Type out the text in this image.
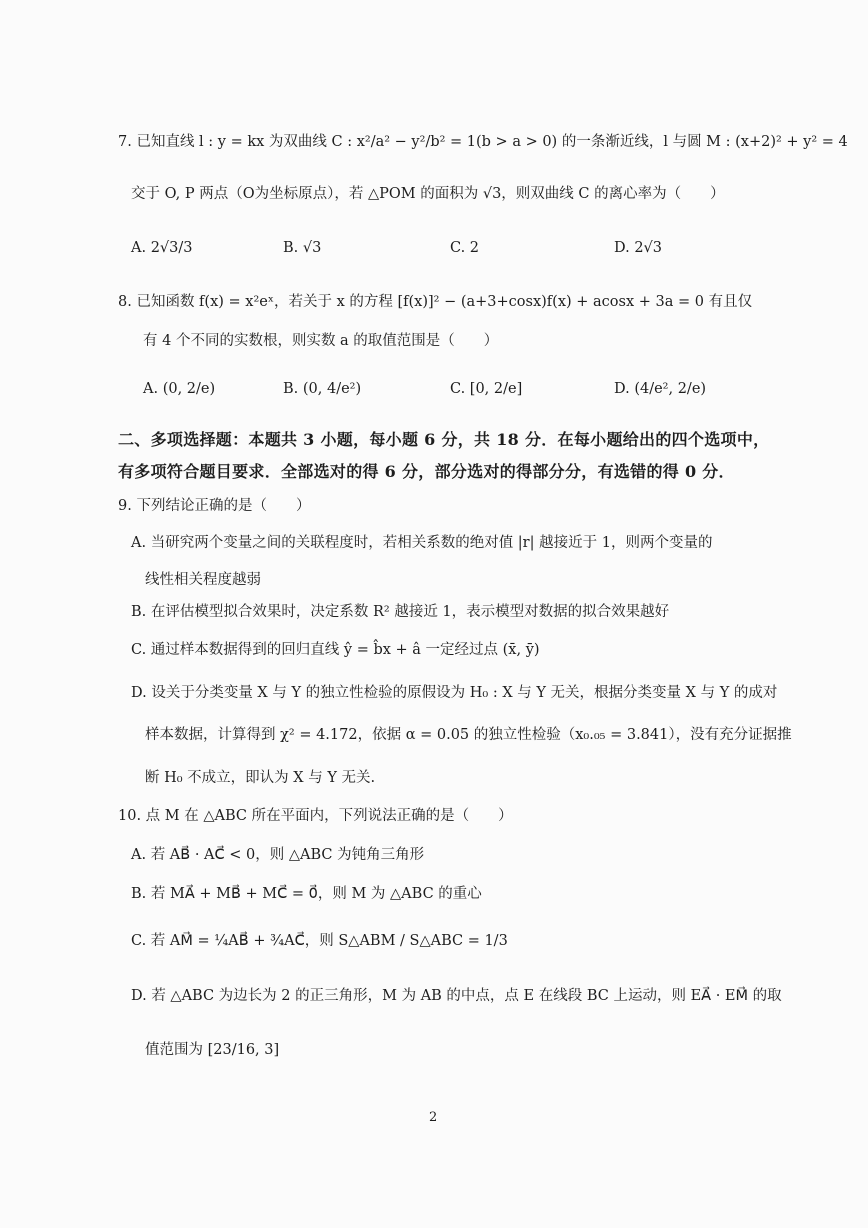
7. 已知直线 l : y = kx 为双曲线 C : x²/a² − y²/b² = 1(b > a > 0) 的一条渐近线，l 与圆 M : (x+2)² + y² = 4
交于 O, P 两点（O为坐标原点），若 △POM 的面积为 √3，则双曲线 C 的离心率为（　　）
A. 2√3/3	B. √3	C. 2	D. 2√3
8. 已知函数 f(x) = x²eˣ，若关于 x 的方程 [f(x)]² − (a+3+cosx)f(x) + acosx + 3a = 0 有且仅
有 4 个不同的实数根，则实数 a 的取值范围是（　　）
A. (0, 2/e)	B. (0, 4/e²)	C. [0, 2/e]	D. (4/e², 2/e)
二、多项选择题：本题共 3 小题，每小题 6 分，共 18 分．在每小题给出的四个选项中，
有多项符合题目要求．全部选对的得 6 分，部分选对的得部分分，有选错的得 0 分．
9. 下列结论正确的是（　　）
A. 当研究两个变量之间的关联程度时，若相关系数的绝对值 |r| 越接近于 1，则两个变量的
线性相关程度越弱
B. 在评估模型拟合效果时，决定系数 R² 越接近 1，表示模型对数据的拟合效果越好
C. 通过样本数据得到的回归直线 ŷ = b̂x + â 一定经过点 (x̄, ȳ)
D. 设关于分类变量 X 与 Y 的独立性检验的原假设为 H₀ : X 与 Y 无关，根据分类变量 X 与 Y 的成对
样本数据，计算得到 χ² = 4.172，依据 α = 0.05 的独立性检验（x₀.₀₅ = 3.841），没有充分证据推
断 H₀ 不成立，即认为 X 与 Y 无关.
10. 点 M 在 △ABC 所在平面内，下列说法正确的是（　　）
A. 若 AB⃗ · AC⃗ < 0，则 △ABC 为钝角三角形
B. 若 MA⃗ + MB⃗ + MC⃗ = 0⃗，则 M 为 △ABC 的重心
C. 若 AM⃗ = ¼AB⃗ + ¾AC⃗，则 S△ABM / S△ABC = 1/3
D. 若 △ABC 为边长为 2 的正三角形，M 为 AB 的中点，点 E 在线段 BC 上运动，则 EA⃗ · EM⃗ 的取
值范围为 [23/16, 3]
2
